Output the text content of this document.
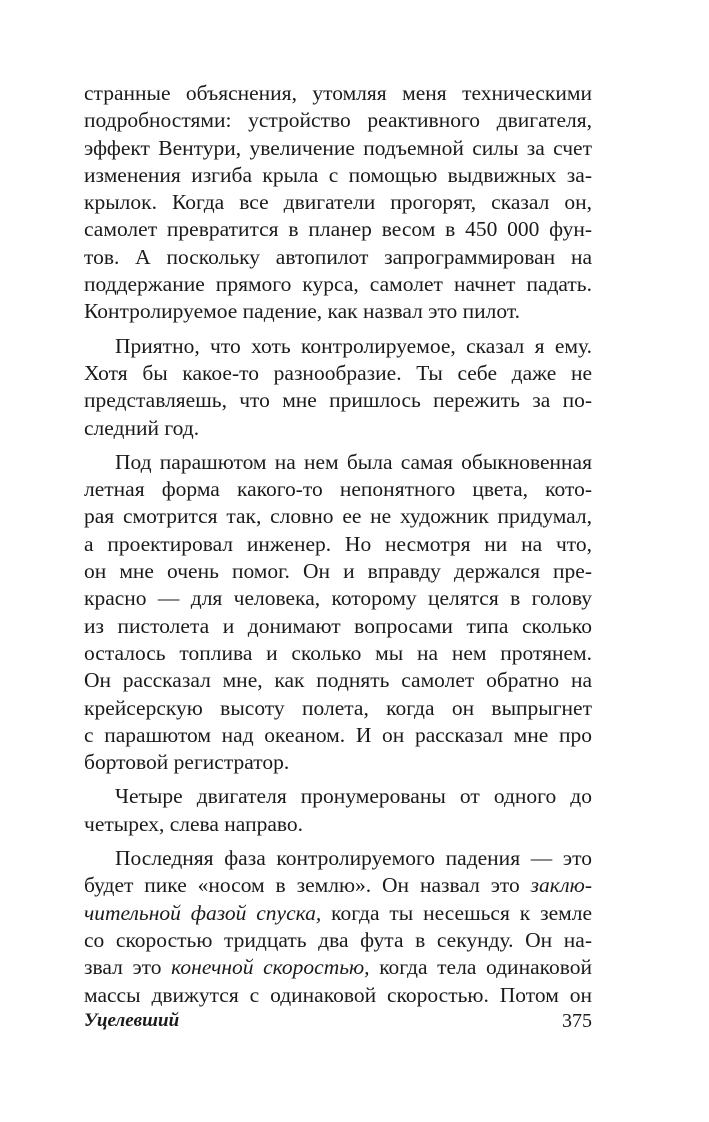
странные объяснения, утомляя меня техническими
подробностями: устройство реактивного двигателя,
эффект Вентури, увеличение подъемной силы за счет
изменения изгиба крыла с помощью выдвижных за-
крылок. Когда все двигатели прогорят, сказал он,
самолет превратится в планер весом в 450 000 фун-
тов. А поскольку автопилот запрограммирован на
поддержание прямого курса, самолет начнет падать.
Контролируемое падение, как назвал это пилот.
Приятно, что хоть контролируемое, сказал я ему.
Хотя бы какое-то разнообразие. Ты себе даже не
представляешь, что мне пришлось пережить за по-
следний год.
Под парашютом на нем была самая обыкновенная
летная форма какого-то непонятного цвета, кото-
рая смотрится так, словно ее не художник придумал,
а проектировал инженер. Но несмотря ни на что,
он мне очень помог. Он и вправду держался пре-
красно — для человека, которому целятся в голову
из пистолета и донимают вопросами типа сколько
осталось топлива и сколько мы на нем протянем.
Он рассказал мне, как поднять самолет обратно на
крейсерскую высоту полета, когда он выпрыгнет
с парашютом над океаном. И он рассказал мне про
бортовой регистратор.
Четыре двигателя пронумерованы от одного до
четырех, слева направо.
Последняя фаза контролируемого падения — это
будет пике «носом в землю». Он назвал это заклю-
чительной фазой спуска, когда ты несешься к земле
со скоростью тридцать два фута в секунду. Он на-
звал это конечной скоростью, когда тела одинаковой
массы движутся с одинаковой скоростью. Потом он
Уцелевший	375
